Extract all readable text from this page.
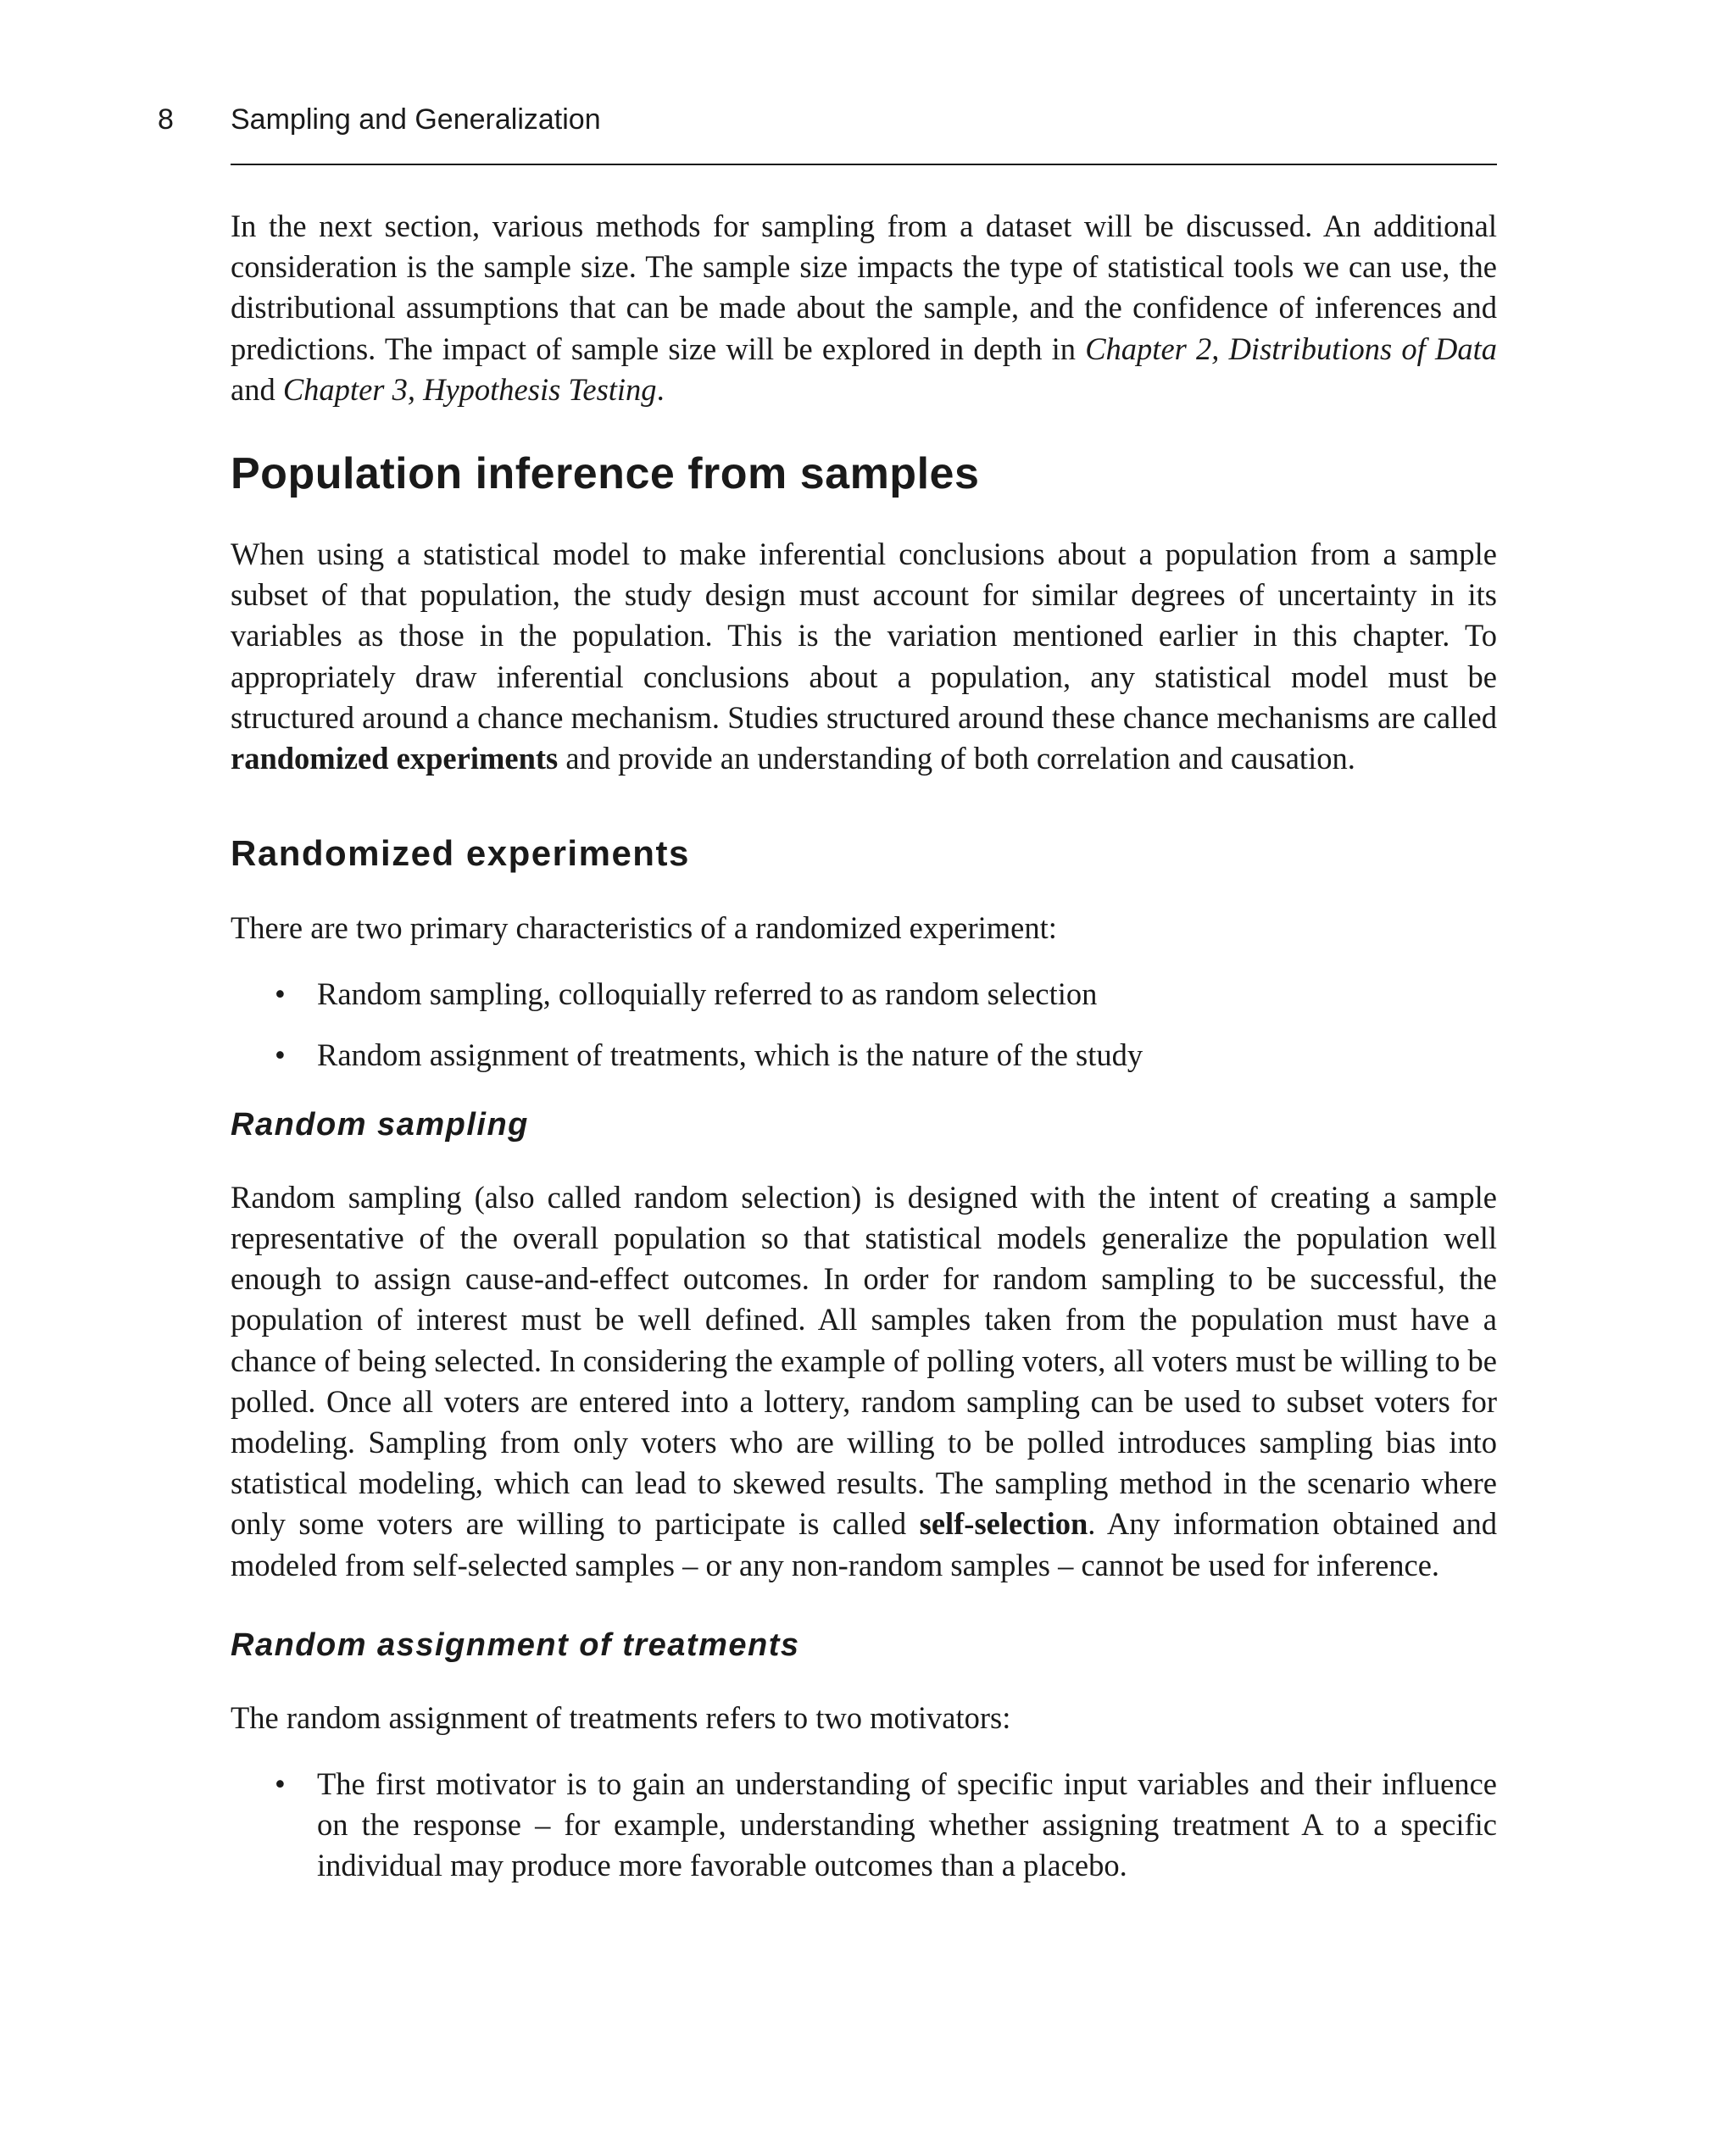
8 Sampling and Generalization

In the next section, various methods for sampling from a dataset will be discussed. An additional consideration is the sample size. The sample size impacts the type of statistical tools we can use, the distributional assumptions that can be made about the sample, and the confidence of inferences and predictions. The impact of sample size will be explored in depth in Chapter 2, Distributions of Data and Chapter 3, Hypothesis Testing.

Population inference from samples

When using a statistical model to make inferential conclusions about a population from a sample subset of that population, the study design must account for similar degrees of uncertainty in its variables as those in the population. This is the variation mentioned earlier in this chapter. To appropriately draw inferential conclusions about a population, any statistical model must be structured around a chance mechanism. Studies structured around these chance mechanisms are called randomized experiments and provide an understanding of both correlation and causation.

Randomized experiments

There are two primary characteristics of a randomized experiment:

• Random sampling, colloquially referred to as random selection
• Random assignment of treatments, which is the nature of the study
Random sampling

Random sampling (also called random selection) is designed with the intent of creating a sample representative of the overall population so that statistical models generalize the population well enough to assign cause-and-effect outcomes. In order for random sampling to be successful, the population of interest must be well defined. All samples taken from the population must have a chance of being selected. In considering the example of polling voters, all voters must be willing to be polled. Once all voters are entered into a lottery, random sampling can be used to subset voters for modeling. Sampling from only voters who are willing to be polled introduces sampling bias into statistical modeling, which can lead to skewed results. The sampling method in the scenario where only some voters are willing to participate is called self-selection. Any information obtained and modeled from self-selected samples – or any non-random samples – cannot be used for inference.

Random assignment of treatments

The random assignment of treatments refers to two motivators:

• The first motivator is to gain an understanding of specific input variables and their influence on the response – for example, understanding whether assigning treatment A to a specific individual may produce more favorable outcomes than a placebo.
